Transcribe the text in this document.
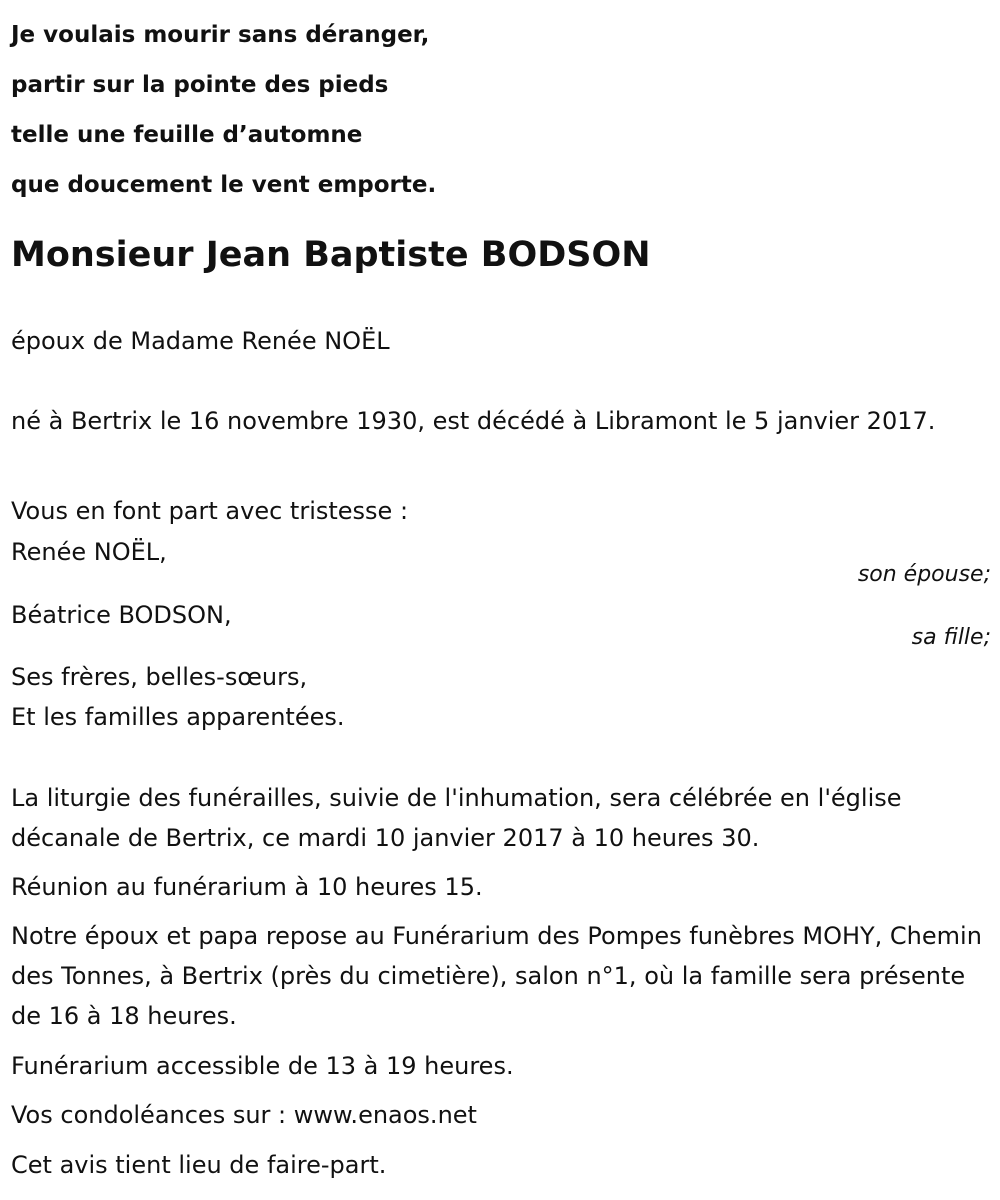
Je voulais mourir sans déranger,
partir sur la pointe des pieds
telle une feuille d’automne
que doucement le vent emporte.
Monsieur Jean Baptiste BODSON
époux de Madame Renée NOËL
né à Bertrix le 16 novembre 1930, est décédé à Libramont le 5 janvier 2017.
Vous en font part avec tristesse :
Renée NOËL,
son épouse;
Béatrice BODSON,
sa fille;
Ses frères, belles-sœurs,
Et les familles apparentées.
La liturgie des funérailles, suivie de l'inhumation, sera célébrée en l'église décanale de Bertrix, ce mardi 10 janvier 2017 à 10 heures 30.
Réunion au funérarium à 10 heures 15.
Notre époux et papa repose au Funérarium des Pompes funèbres MOHY, Chemin des Tonnes, à Bertrix (près du cimetière), salon n°1, où la famille sera présente de 16 à 18 heures.
Funérarium accessible de 13 à 19 heures.
Vos condoléances sur : www.enaos.net
Cet avis tient lieu de faire-part.
